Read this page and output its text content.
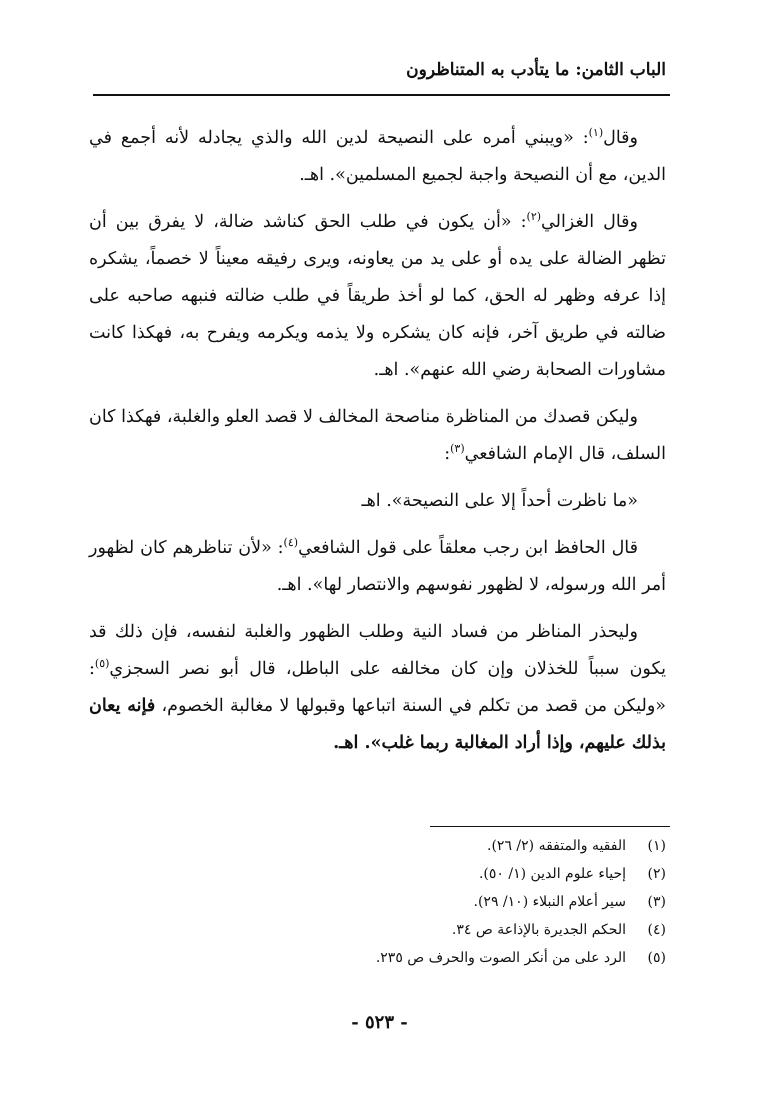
الباب الثامن: ما يتأدب به المتناظرون

وقال$^{(١)}$: «ويبني أمره على النصيحة لدين الله والذي يجادله لأنه أجمع في الدين، مع أن النصيحة واجبة لجميع المسلمين». اهـ.

وقال الغزالي$^{(٢)}$: «أن يكون في طلب الحق كناشد ضالة، لا يفرق بين أن تظهر الضالة على يده أو على يد من يعاونه، ويرى رفيقه معيناً لا خصماً، يشكره إذا عرفه وظهر له الحق، كما لو أخذ طريقاً في طلب ضالته فنبهه صاحبه على ضالته في طريق آخر، فإنه كان يشكره ولا يذمه ويكرمه ويفرح به، فهكذا كانت مشاورات الصحابة رضي الله عنهم». اهـ.

وليكن قصدك من المناظرة مناصحة المخالف لا قصد العلو والغلبة، فهكذا كان السلف، قال الإمام الشافعي$^{(٣)}$:

«ما ناظرت أحداً إلا على النصيحة». اهـ

قال الحافظ ابن رجب معلقاً على قول الشافعي$^{(٤)}$: «لأن تناظرهم كان لظهور أمر الله ورسوله، لا لظهور نفوسهم والانتصار لها». اهـ.

وليحذر المناظر من فساد النية وطلب الظهور والغلبة لنفسه، فإن ذلك قد يكون سبباً للخذلان وإن كان مخالفه على الباطل، قال أبو نصر السجزي$^{(٥)}$: «وليكن من قصد من تكلم في السنة اتباعها وقبولها لا مغالبة الخصوم، فإنه يعان بذلك عليهم، وإذا أراد المغالبة ربما غلب». اهـ.

(١)
الفقيه والمتفقه (٢/ ٢٦).
(٢)
إحياء علوم الدين (١/ ٥٠).
(٣)
سير أعلام النبلاء (١٠/ ٢٩).
(٤)
الحكم الجديرة بالإذاعة ص ٣٤.
(٥)
الرد على من أنكر الصوت والحرف ص ٢٣٥.
- ٥٢٣ -
